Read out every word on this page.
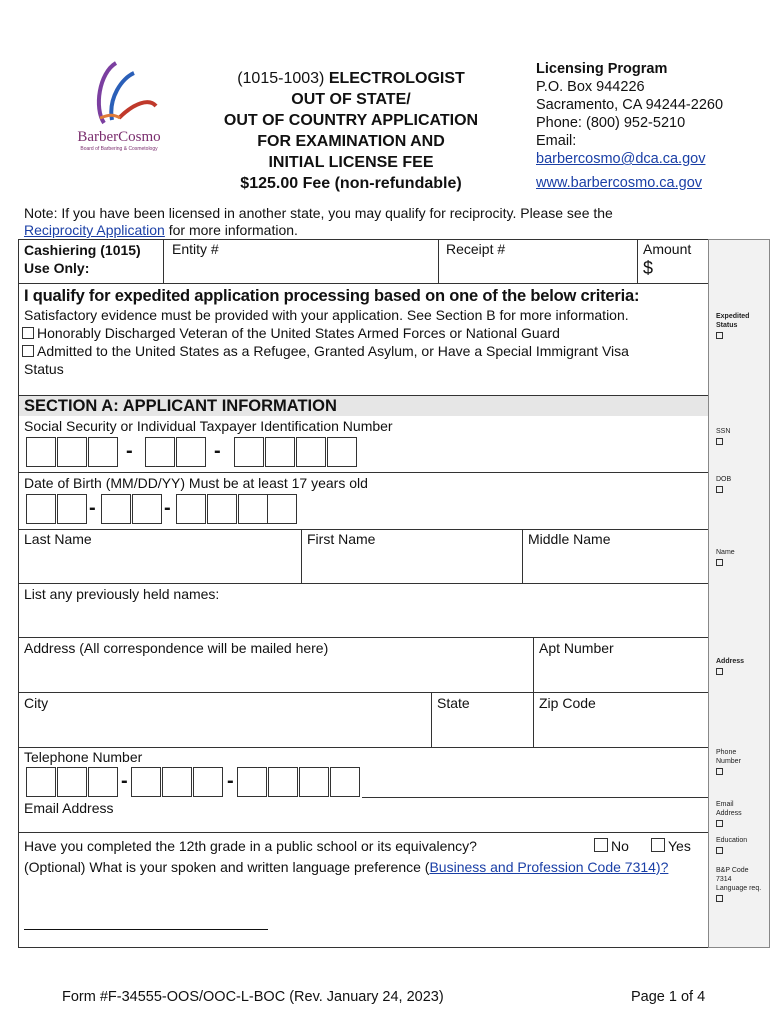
BarberCosmo
Board of Barbering & Cosmetology
(1015-1003) ELECTROLOGIST
OUT OF STATE/
OUT OF COUNTRY APPLICATION
FOR EXAMINATION AND
INITIAL LICENSE FEE
$125.00 Fee (non-refundable)
Licensing Program
P.O. Box 944226
Sacramento, CA 94244-2260
Phone: (800) 952-5210
Email:
barbercosmo@dca.ca.gov
www.barbercosmo.ca.gov
Note: If you have been licensed in another state, you may qualify for reciprocity. Please see the
Reciprocity Application for more information.
Cashiering (1015)
Use Only:
Entity #	Receipt #	Amount
$
I qualify for expedited application processing based on one of the below criteria:
Satisfactory evidence must be provided with your application. See Section B for more information.
Honorably Discharged Veteran of the United States Armed Forces or National Guard
Admitted to the United States as a Refugee, Granted Asylum, or Have a Special Immigrant Visa
Status
SECTION A: APPLICANT INFORMATION
Social Security or Individual Taxpayer Identification Number
-	-
Date of Birth (MM/DD/YY) Must be at least 17 years old
-	-
Last Name	First Name	Middle Name
List any previously held names:
Address (All correspondence will be mailed here)	Apt Number
City	State	Zip Code
Telephone Number
-	-
Email Address
Have you completed the 12th grade in a public school or its equivalency?	No	Yes
(Optional) What is your spoken and written language preference (Business and Profession Code 7314)?
Expedited
Status
SSN
DOB
Name
Address
Phone
Number
Email
Address
Education
B&P Code
7314
Language req.
Form #F-34555-OOS/OOC-L-BOC (Rev. January 24, 2023)	Page 1 of 4
